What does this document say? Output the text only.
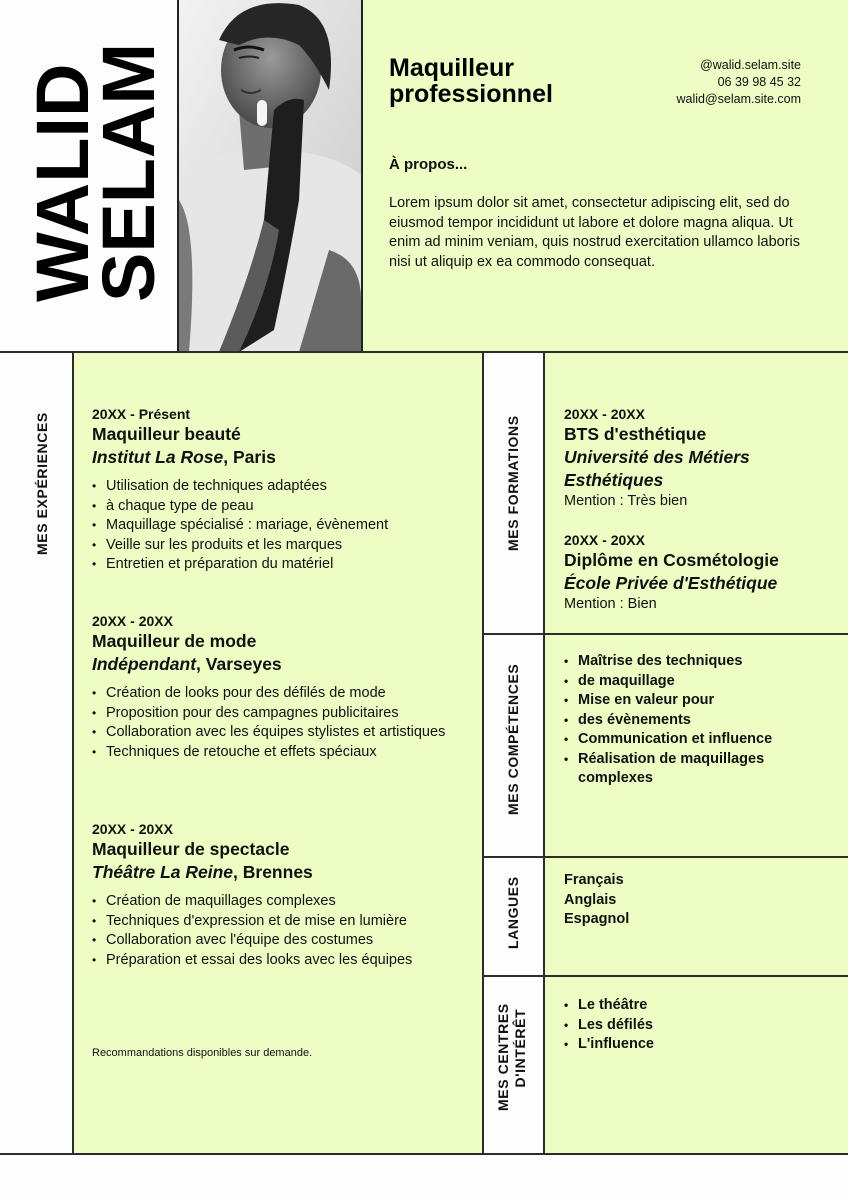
WALID
SELAM	Maquilleur
professionnel
@walid.selam.site
06 39 98 45 32
walid@selam.site.com
À propos...
Lorem ipsum dolor sit amet, consectetur adipiscing elit, sed do eiusmod tempor incididunt ut labore et dolore magna aliqua. Ut enim ad minim veniam, quis nostrud exercitation ullamco laboris nisi ut aliquip ex ea commodo consequat.
MES EXPÉRIENCES	MES FORMATIONS
MES COMPÉTENCES
LANGUES
MES CENTRES D'INTÉRÊT
20XX - Présent
Maquilleur beauté
Institut La Rose, Paris
• Utilisation de techniques adaptées
• à chaque type de peau
• Maquillage spécialisé : mariage, évènement
• Veille sur les produits et les marques
• Entretien et préparation du matériel
20XX - 20XX
Maquilleur de mode
Indépendant, Varseyes
• Création de looks pour des défilés de mode
• Proposition pour des campagnes publicitaires
• Collaboration avec les équipes stylistes et artistiques
• Techniques de retouche et effets spéciaux
20XX - 20XX
Maquilleur de spectacle
Théâtre La Reine, Brennes
• Création de maquillages complexes
• Techniques d'expression et de mise en lumière
• Collaboration avec l'équipe des costumes
• Préparation et essai des looks avec les équipes
Recommandations disponibles sur demande.
20XX - 20XX
BTS d'esthétique
Université des Métiers Esthétiques
Mention : Très bien
20XX - 20XX
Diplôme en Cosmétologie
École Privée d'Esthétique
Mention : Bien
• Maîtrise des techniques
• de maquillage
• Mise en valeur pour
• des évènements
• Communication et influence
• Réalisation de maquillages complexes
Français
Anglais
Espagnol
• Le théâtre
• Les défilés
• L'influence
